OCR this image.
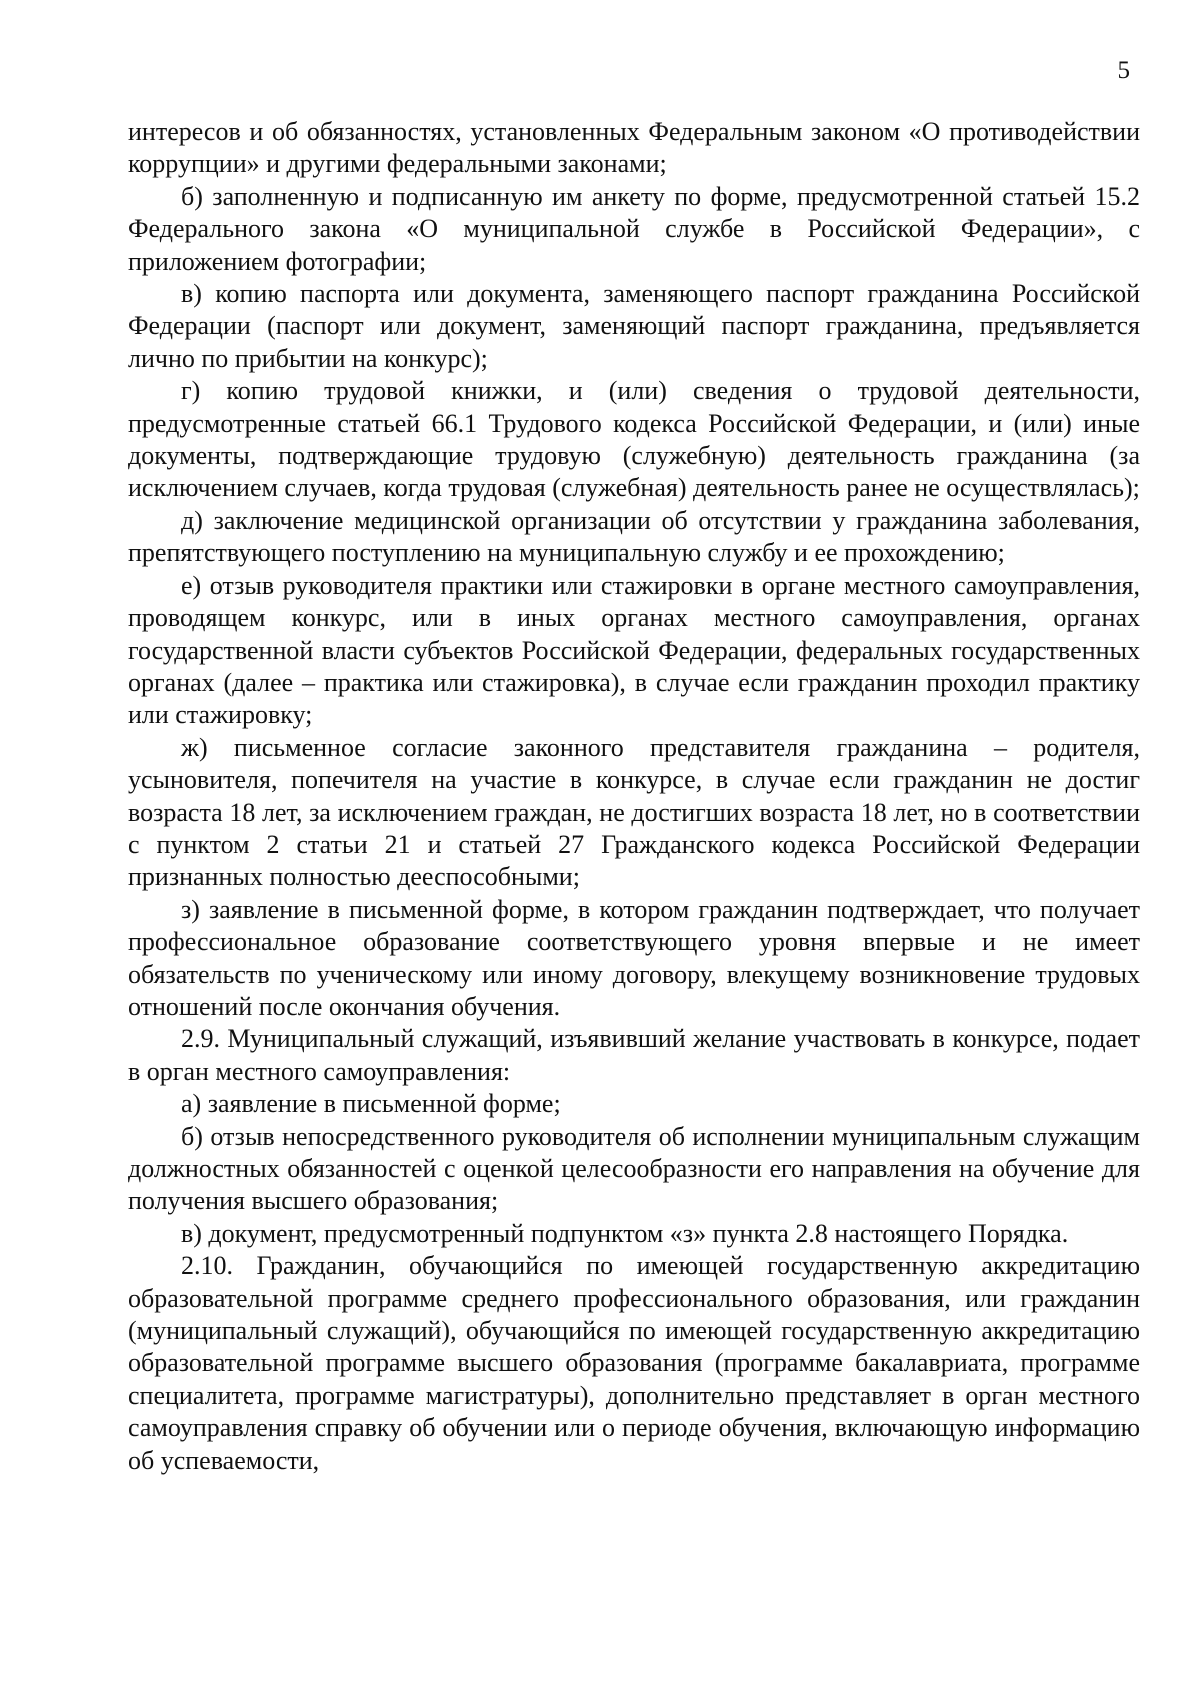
5

интересов и об обязанностях, установленных Федеральным законом «О противодействии коррупции» и другими федеральными законами;

б) заполненную и подписанную им анкету по форме, предусмотренной статьей 15.2 Федерального закона «О муниципальной службе в Российской Федерации», с приложением фотографии;

в) копию паспорта или документа, заменяющего паспорт гражданина Российской Федерации (паспорт или документ, заменяющий паспорт гражданина, предъявляется лично по прибытии на конкурс);

г) копию трудовой книжки, и (или) сведения о трудовой деятельности, предусмотренные статьей 66.1 Трудового кодекса Российской Федерации, и (или) иные документы, подтверждающие трудовую (служебную) деятельность гражданина (за исключением случаев, когда трудовая (служебная) деятельность ранее не осуществлялась);

д) заключение медицинской организации об отсутствии у гражданина заболевания, препятствующего поступлению на муниципальную службу и ее прохождению;

е) отзыв руководителя практики или стажировки в органе местного самоуправления, проводящем конкурс, или в иных органах местного самоуправления, органах государственной власти субъектов Российской Федерации, федеральных государственных органах (далее – практика или стажировка), в случае если гражданин проходил практику или стажировку;

ж) письменное согласие законного представителя гражданина – родителя, усыновителя, попечителя на участие в конкурсе, в случае если гражданин не достиг возраста 18 лет, за исключением граждан, не достигших возраста 18 лет, но в соответствии с пунктом 2 статьи 21 и статьей 27 Гражданского кодекса Российской Федерации признанных полностью дееспособными;

з) заявление в письменной форме, в котором гражданин подтверждает, что получает профессиональное образование соответствующего уровня впервые и не имеет обязательств по ученическому или иному договору, влекущему возникновение трудовых отношений после окончания обучения.

2.9. Муниципальный служащий, изъявивший желание участвовать в конкурсе, подает в орган местного самоуправления:

а) заявление в письменной форме;

б) отзыв непосредственного руководителя об исполнении муниципальным служащим должностных обязанностей с оценкой целесообразности его направления на обучение для получения высшего образования;

в) документ, предусмотренный подпунктом «з» пункта 2.8 настоящего Порядка.

2.10. Гражданин, обучающийся по имеющей государственную аккредитацию образовательной программе среднего профессионального образования, или гражданин (муниципальный служащий), обучающийся по имеющей государственную аккредитацию образовательной программе высшего образования (программе бакалавриата, программе специалитета, программе магистратуры), дополнительно представляет в орган местного самоуправления справку об обучении или о периоде обучения, включающую информацию об успеваемости,
